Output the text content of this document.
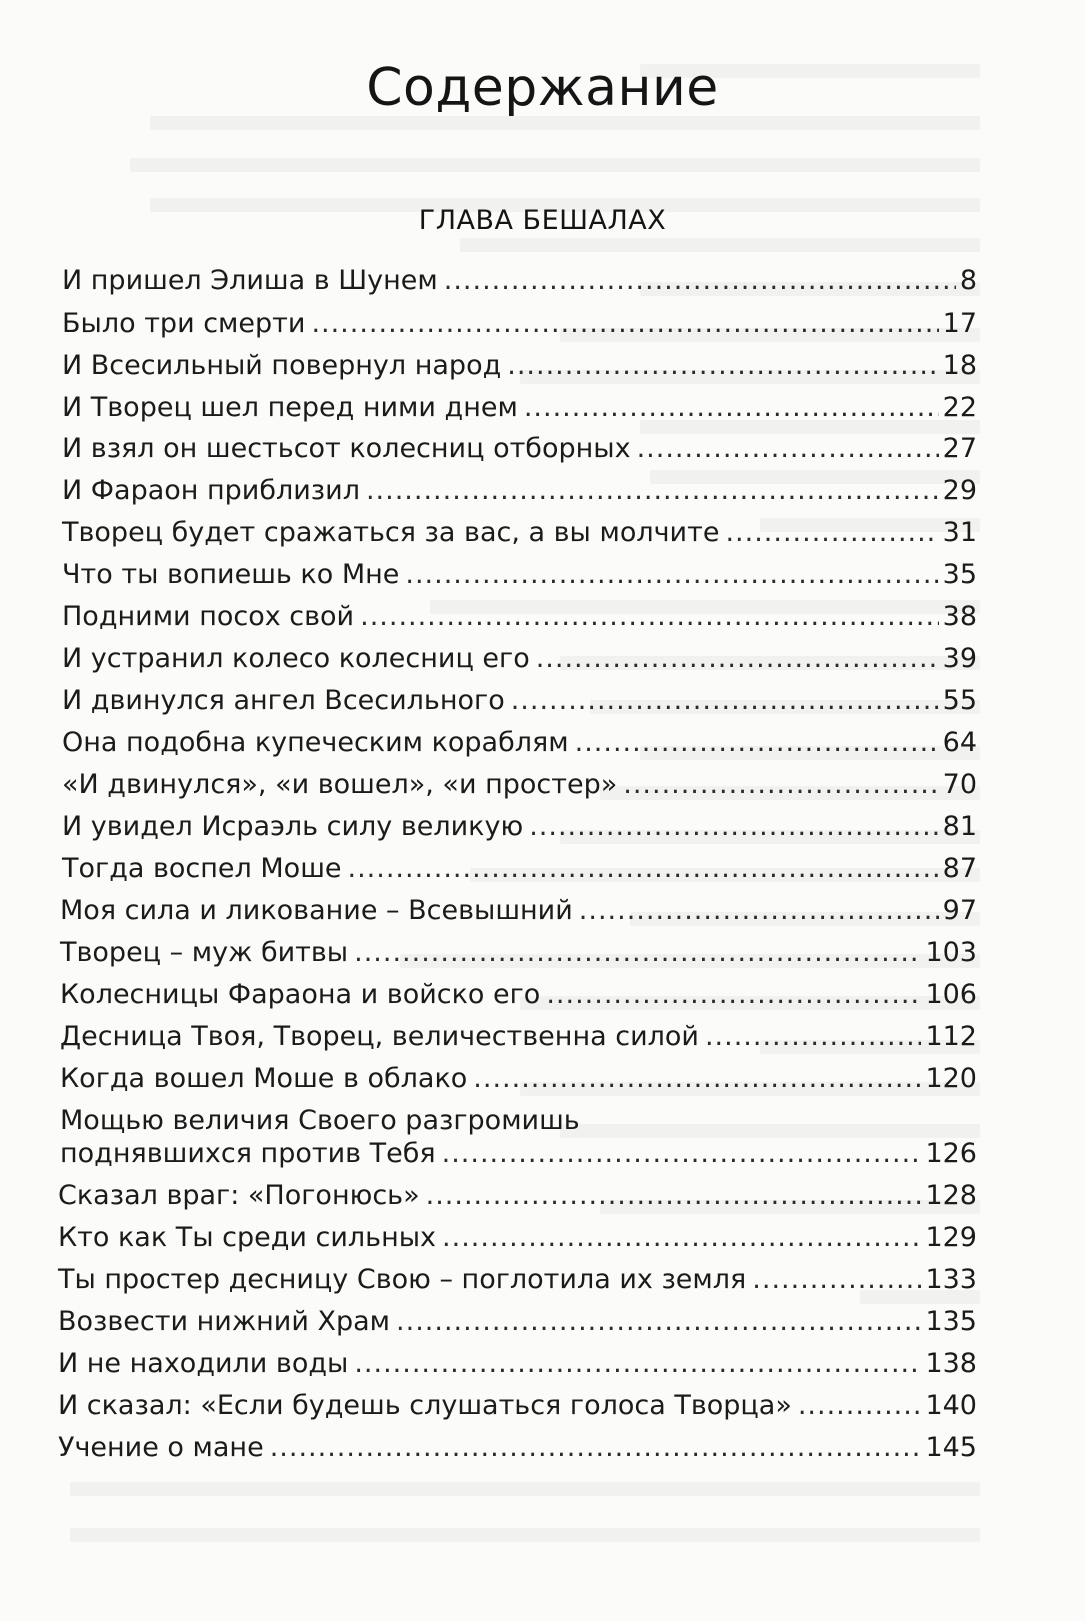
Содержание
ГЛАВА БЕШАЛАХ
И пришел Элиша в Шунем .....	8
Было три смерти .....	17
И Всесильный повернул народ .....	18
И Творец шел перед ними днем .....	22
И взял он шестьсот колесниц отборных .....	27
И Фараон приблизил .....	29
Творец будет сражаться за вас, а вы молчите .....	31
Что ты вопиешь ко Мне .....	35
Подними посох свой .....	38
И устранил колесо колесниц его .....	39
И двинулся ангел Всесильного .....	55
Она подобна купеческим кораблям .....	64
«И двинулся», «и вошел», «и простер» .....	70
И увидел Исраэль силу великую .....	81
Тогда воспел Моше .....	87
Моя сила и ликование – Всевышний .....	97
Творец – муж битвы .....	103
Колесницы Фараона и войско его .....	106
Десница Твоя, Творец, величественна силой .....	112
Когда вошел Моше в облако .....	120
Мощью величия Своего разгромишь
поднявшихся против Тебя .....	126
Сказал враг: «Погонюсь» .....	128
Кто как Ты среди сильных .....	129
Ты простер десницу Свою – поглотила их земля .....	133
Возвести нижний Храм .....	135
И не находили воды .....	138
И сказал: «Если будешь слушаться голоса Творца» .....	140
Учение о мане .....	145
